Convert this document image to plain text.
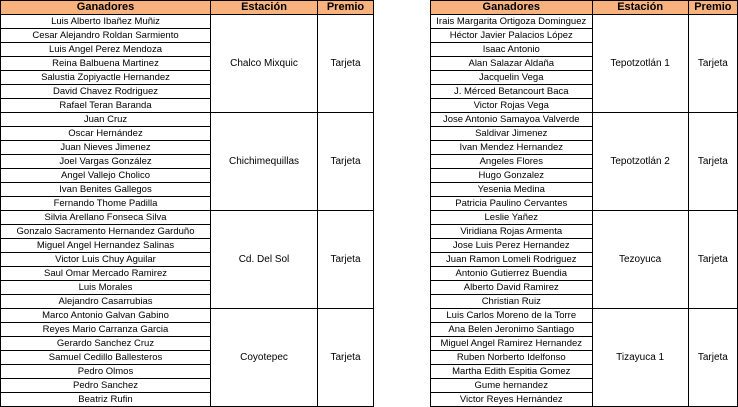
Ganadores	Estación	Premio
Luis Alberto Ibañez Muñiz	Chalco Mixquic	Tarjeta
Cesar Alejandro Roldan Sarmiento		
Luis Angel Perez Mendoza		
Reina Balbuena Martinez		
Salustia Zopiyactle Hernandez		
David Chavez Rodriguez		
Rafael Teran Baranda		
Juan Cruz	Chichimequillas	Tarjeta
Oscar Hernández		
Juan Nieves Jimenez		
Joel Vargas González		
Angel Vallejo Cholico		
Ivan Benites Gallegos		
Fernando Thome Padilla		
Silvia Arellano Fonseca Silva	Cd. Del Sol	Tarjeta
Gonzalo Sacramento Hernandez Garduño		
Miguel Angel Hernandez Salinas		
Victor Luis Chuy Aguilar		
Saul Omar Mercado Ramirez		
Luis Morales		
Alejandro Casarrubias		
Marco Antonio Galvan Gabino	Coyotepec	Tarjeta
Reyes Mario Carranza Garcia		
Gerardo Sanchez Cruz		
Samuel Cedillo Ballesteros		
Pedro Olmos		
Pedro Sanchez		
Beatriz Rufin		
Ganadores	Estación	Premio
Irais Margarita Ortigoza Dominguez	Tepotzotlán 1	Tarjeta
Héctor Javier Palacios López		
Isaac Antonio		
Alan Salazar Aldaña		
Jacquelin Vega		
J. Mérced Betancourt Baca		
Victor Rojas Vega		
Jose Antonio Samayoa Valverde	Tepotzotlán 2	Tarjeta
Saldivar Jimenez		
Ivan Mendez Hernandez		
Angeles Flores		
Hugo Gonzalez		
Yesenia Medina		
Patricia Paulino Cervantes		
Leslie Yañez	Tezoyuca	Tarjeta
Viridiana Rojas Armenta		
Jose Luis Perez Hernandez		
Juan Ramon Lomeli Rodriguez		
Antonio Gutierrez Buendia		
Alberto David Ramirez		
Christian Ruiz		
Luis Carlos Moreno de la Torre	Tizayuca 1	Tarjeta
Ana Belen Jeronimo Santiago		
Miguel Angel Ramirez Hernandez		
Ruben Norberto Idelfonso		
Martha Edith Espitia Gomez		
Gume hernandez		
Victor Reyes Hernández		
